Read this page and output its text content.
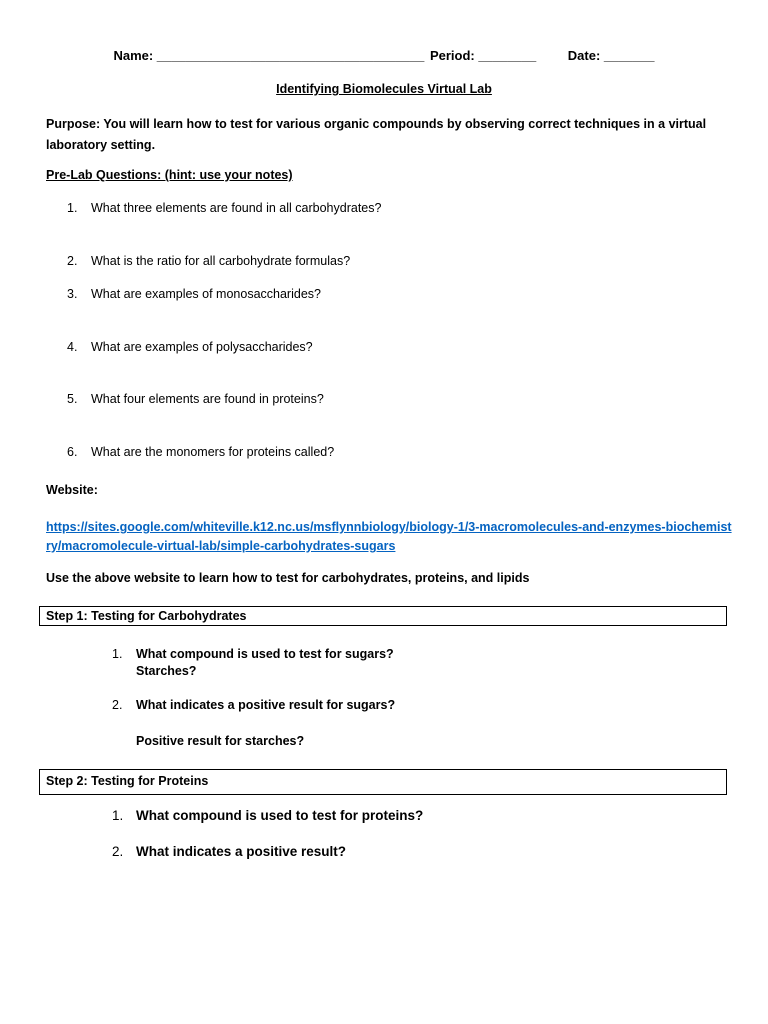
Name: _____________________________________ Period: ________ Date: _______
Identifying Biomolecules Virtual Lab
Purpose: You will learn how to test for various organic compounds by observing correct techniques in a virtual laboratory setting.
Pre-Lab Questions: (hint: use your notes)
1. What three elements are found in all carbohydrates?
2. What is the ratio for all carbohydrate formulas?
3. What are examples of monosaccharides?
4. What are examples of polysaccharides?
5. What four elements are found in proteins?
6. What are the monomers for proteins called?
Website:
https://sites.google.com/whiteville.k12.nc.us/msflynnbiology/biology-1/3-macromolecules-and-enzymes-biochemistry/macromolecule-virtual-lab/simple-carbohydrates-sugars
Use the above website to learn how to test for carbohydrates, proteins, and lipids
Step 1: Testing for Carbohydrates
1. What compound is used to test for sugars?
Starches?
2. What indicates a positive result for sugars?
Positive result for starches?
Step 2: Testing for Proteins
1. What compound is used to test for proteins?
2. What indicates a positive result?
